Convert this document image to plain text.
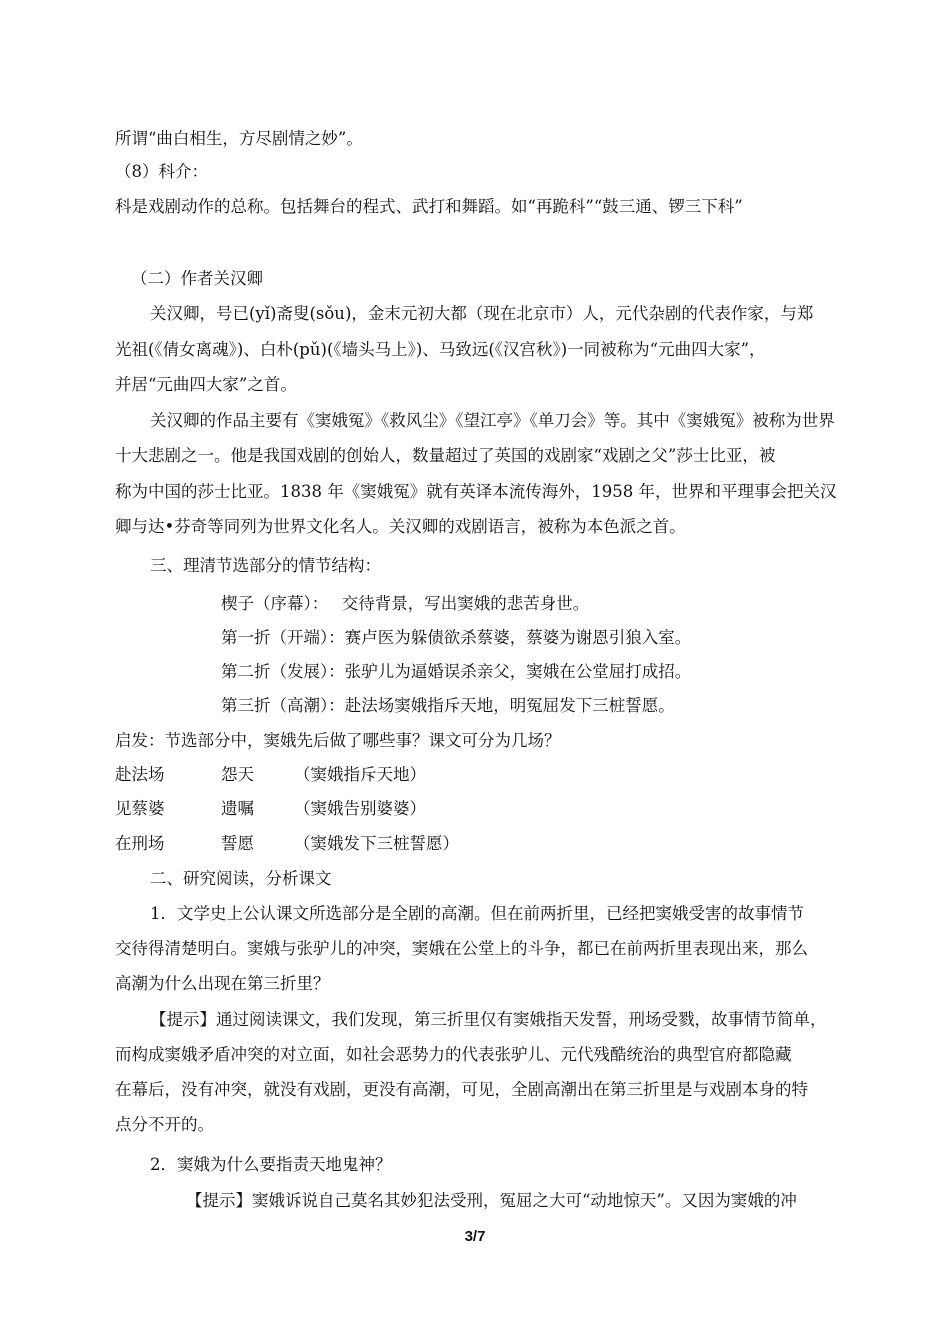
所谓“曲白相生，方尽剧情之妙”。
（8）科介：
科是戏剧动作的总称。包括舞台的程式、武打和舞蹈。如“再跪科”“鼓三通、锣三下科”
（二）作者关汉卿
关汉卿，号已(yǐ)斋叟(sǒu)，金末元初大都（现在北京市）人，元代杂剧的代表作家，与郑
光祖(《倩女离魂》)、白朴(pǔ)(《墙头马上》)、马致远(《汉宫秋》)一同被称为“元曲四大家”，
并居“元曲四大家”之首。
关汉卿的作品主要有《窦娥冤》《救风尘》《望江亭》《单刀会》等。其中《窦娥冤》被称为世界
十大悲剧之一。他是我国戏剧的创始人，数量超过了英国的戏剧家“戏剧之父”莎士比亚，被
称为中国的莎士比亚。1838 年《窦娥冤》就有英译本流传海外，1958 年，世界和平理事会把关汉
卿与达•芬奇等同列为世界文化名人。关汉卿的戏剧语言，被称为本色派之首。
三、理清节选部分的情节结构：
楔子（序幕）：　 交待背景，写出窦娥的悲苦身世。
第一折（开端）：赛卢医为躲债欲杀蔡婆，蔡婆为谢恩引狼入室。
第二折（发展）：张驴儿为逼婚误杀亲父，窦娥在公堂屈打成招。
第三折（高潮）：赴法场窦娥指斥天地，明冤屈发下三桩誓愿。
启发：节选部分中，窦娥先后做了哪些事？课文可分为几场？
赴法场	怨天 （窦娥指斥天地）
见蔡婆	遗嘱 （窦娥告别婆婆）
在刑场	誓愿 （窦娥发下三桩誓愿）
二、研究阅读，分析课文
1．文学史上公认课文所选部分是全剧的高潮。但在前两折里，已经把窦娥受害的故事情节
交待得清楚明白。窦娥与张驴儿的冲突，窦娥在公堂上的斗争，都已在前两折里表现出来，那么
高潮为什么出现在第三折里？
【提示】通过阅读课文，我们发现，第三折里仅有窦娥指天发誓，刑场受戮，故事情节简单，
而构成窦娥矛盾冲突的对立面，如社会恶势力的代表张驴儿、元代残酷统治的典型官府都隐藏
在幕后，没有冲突，就没有戏剧，更没有高潮，可见，全剧高潮出在第三折里是与戏剧本身的特
点分不开的。
2．窦娥为什么要指责天地鬼神？
【提示】窦娥诉说自己莫名其妙犯法受刑，冤屈之大可“动地惊天”。又因为窦娥的冲
3/7
